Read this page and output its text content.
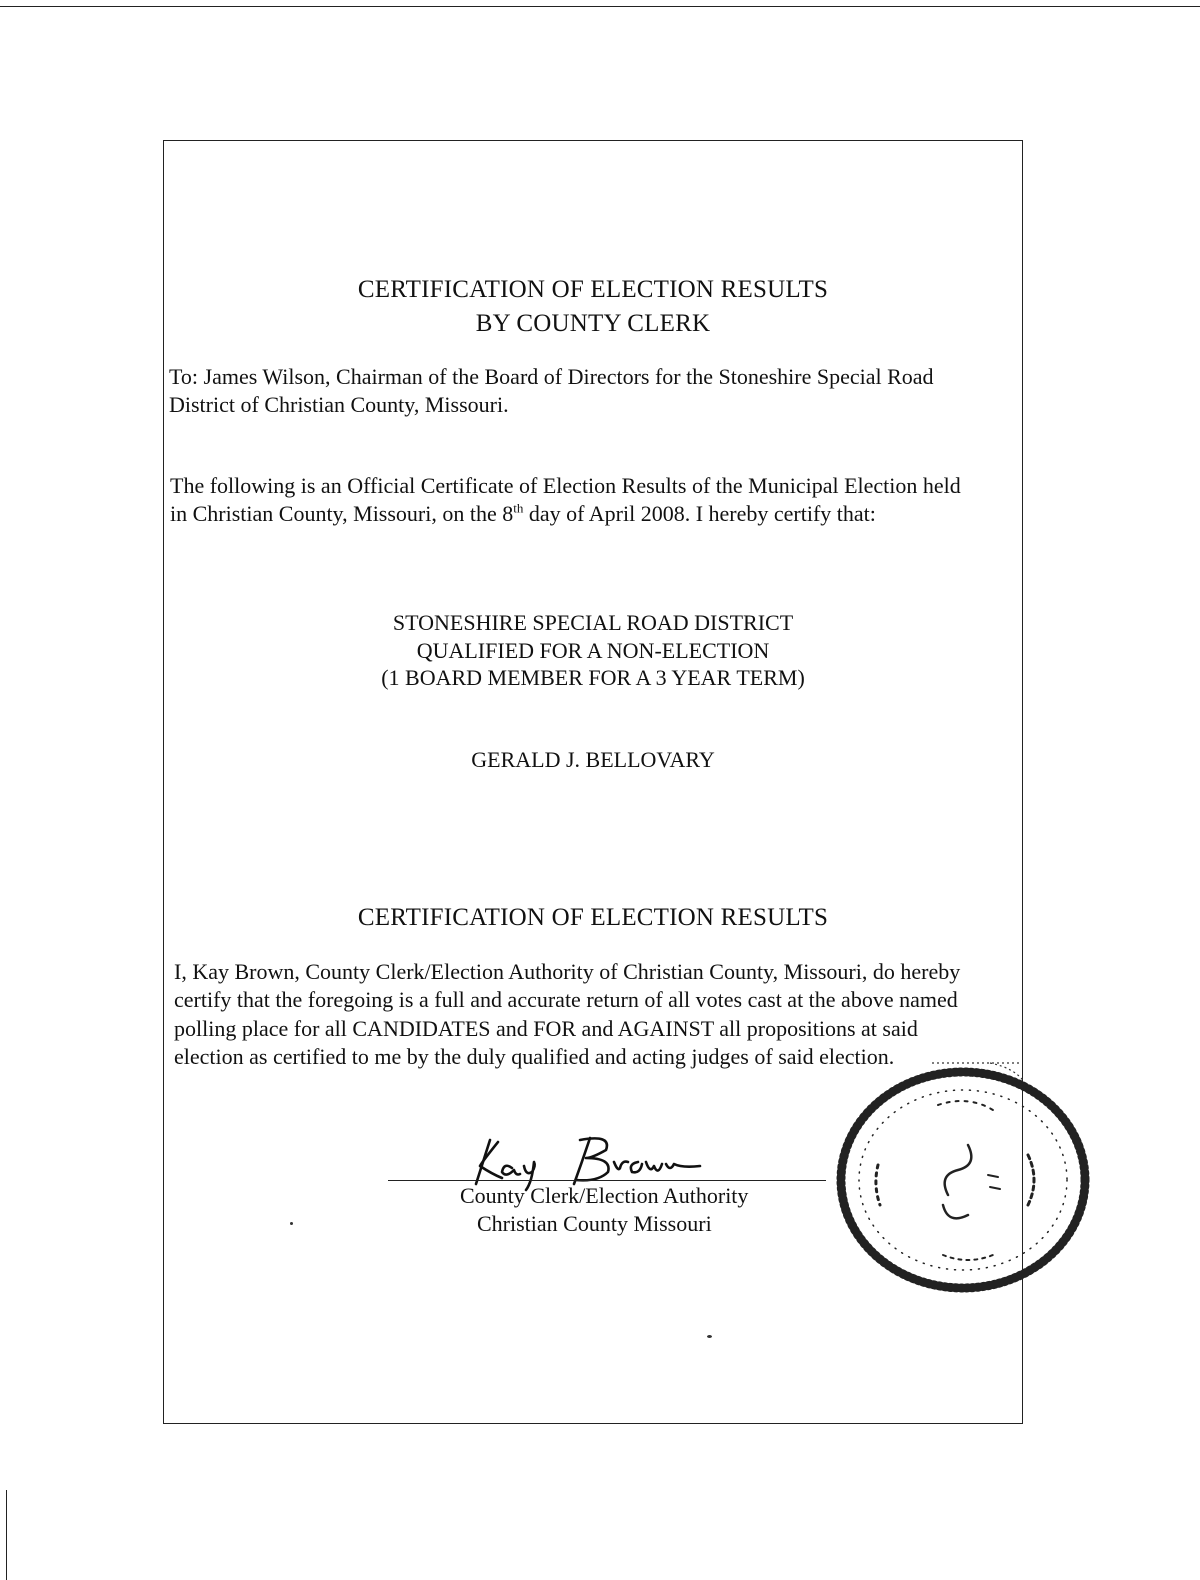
CERTIFICATION OF ELECTION RESULTS
BY COUNTY CLERK
To: James Wilson, Chairman of the Board of Directors for the Stoneshire Special Road
District of Christian County, Missouri.
The following is an Official Certificate of Election Results of the Municipal Election held
in Christian County, Missouri, on the 8th day of April 2008. I hereby certify that:
STONESHIRE SPECIAL ROAD DISTRICT
QUALIFIED FOR A NON-ELECTION
(1 BOARD MEMBER FOR A 3 YEAR TERM)
GERALD J. BELLOVARY
CERTIFICATION OF ELECTION RESULTS
I, Kay Brown, County Clerk/Election Authority of Christian County, Missouri, do hereby
certify that the foregoing is a full and accurate return of all votes cast at the above named
polling place for all CANDIDATES and FOR and AGAINST all propositions at said
election as certified to me by the duly qualified and acting judges of said election.
County Clerk/Election Authority
Christian County Missouri
